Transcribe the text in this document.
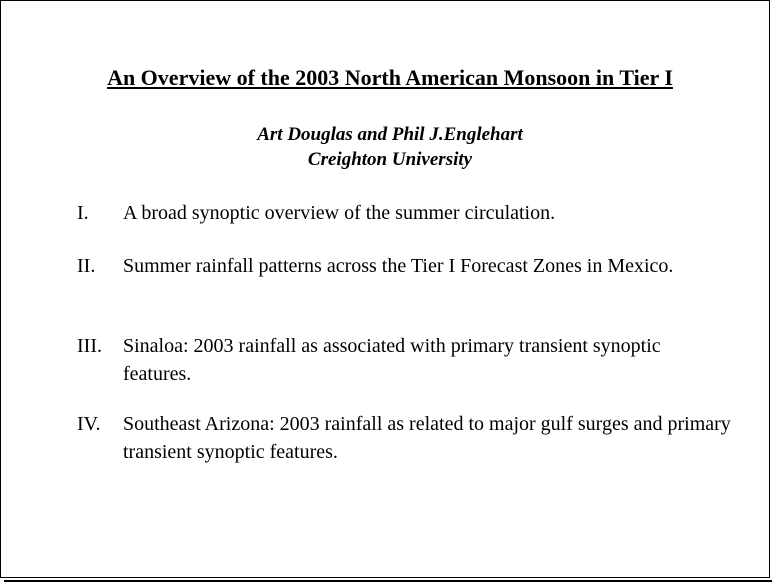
An Overview of the 2003 North American Monsoon in Tier I
Art Douglas and Phil J.Englehart
Creighton University
I.	A broad synoptic overview of the summer circulation.
II.	Summer rainfall patterns across the Tier I Forecast Zones in Mexico.
III.	Sinaloa: 2003 rainfall as associated with primary transient synoptic features.
IV.	Southeast Arizona: 2003 rainfall as related to major gulf surges and primary transient synoptic features.
